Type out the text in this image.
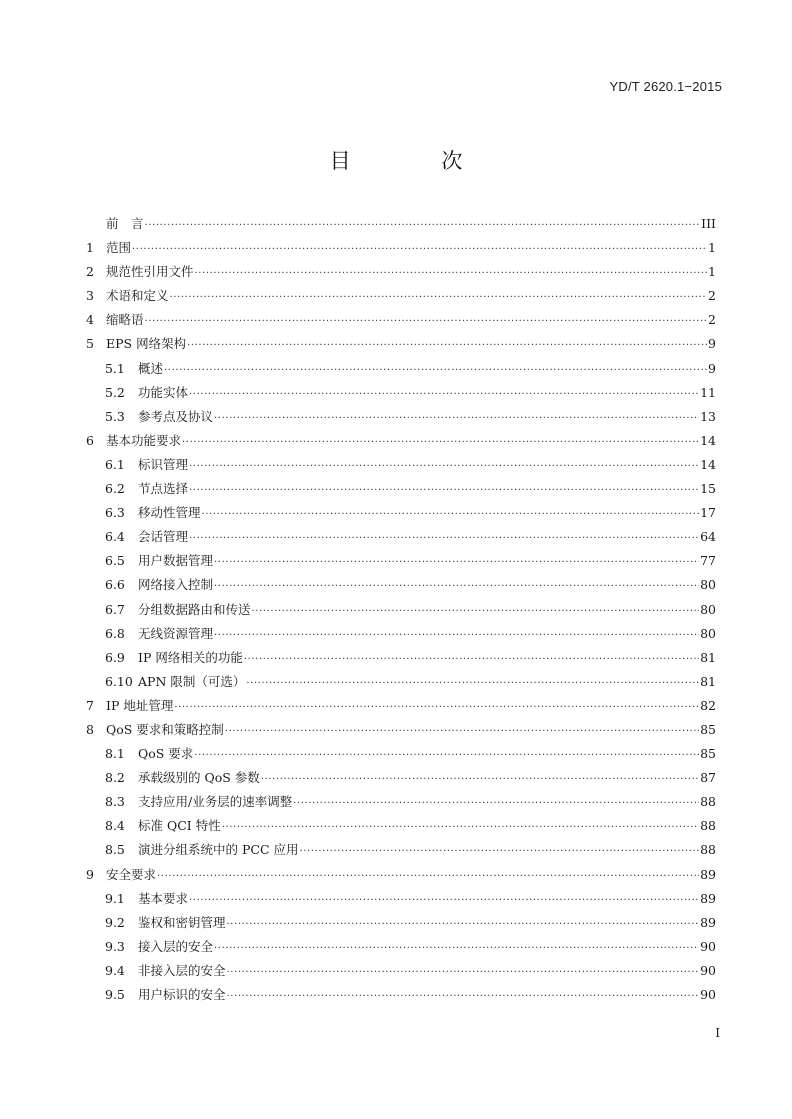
YD/T 2620.1−2015
目 次
前　言 ·····	III
1 范围 ·····	1
2 规范性引用文件 ·····	1
3 术语和定义 ·····	2
4 缩略语 ·····	2
5 EPS 网络架构 ·····	9
5.1	概述 ·····	9
5.2	功能实体 ·····	11
5.3	参考点及协议 ·····	13
6 基本功能要求 ·····	14
6.1	标识管理 ·····	14
6.2	节点选择 ·····	15
6.3	移动性管理 ·····	17
6.4	会话管理 ·····	64
6.5	用户数据管理 ·····	77
6.6	网络接入控制 ·····	80
6.7	分组数据路由和传送 ·····	80
6.8	无线资源管理 ·····	80
6.9	IP 网络相关的功能 ·····	81
6.10 APN 限制（可选） ·····	81
7 IP 地址管理 ·····	82
8 QoS 要求和策略控制 ·····	85
8.1	QoS 要求 ·····	85
8.2	承载级别的 QoS 参数 ·····	87
8.3	支持应用/业务层的速率调整 ·····	88
8.4	标准 QCI 特性 ·····	88
8.5	演进分组系统中的 PCC 应用 ·····	88
9 安全要求 ·····	89
9.1	基本要求 ·····	89
9.2	鉴权和密钥管理 ·····	89
9.3	接入层的安全 ·····	90
9.4	非接入层的安全 ·····	90
9.5	用户标识的安全 ·····	90
I
